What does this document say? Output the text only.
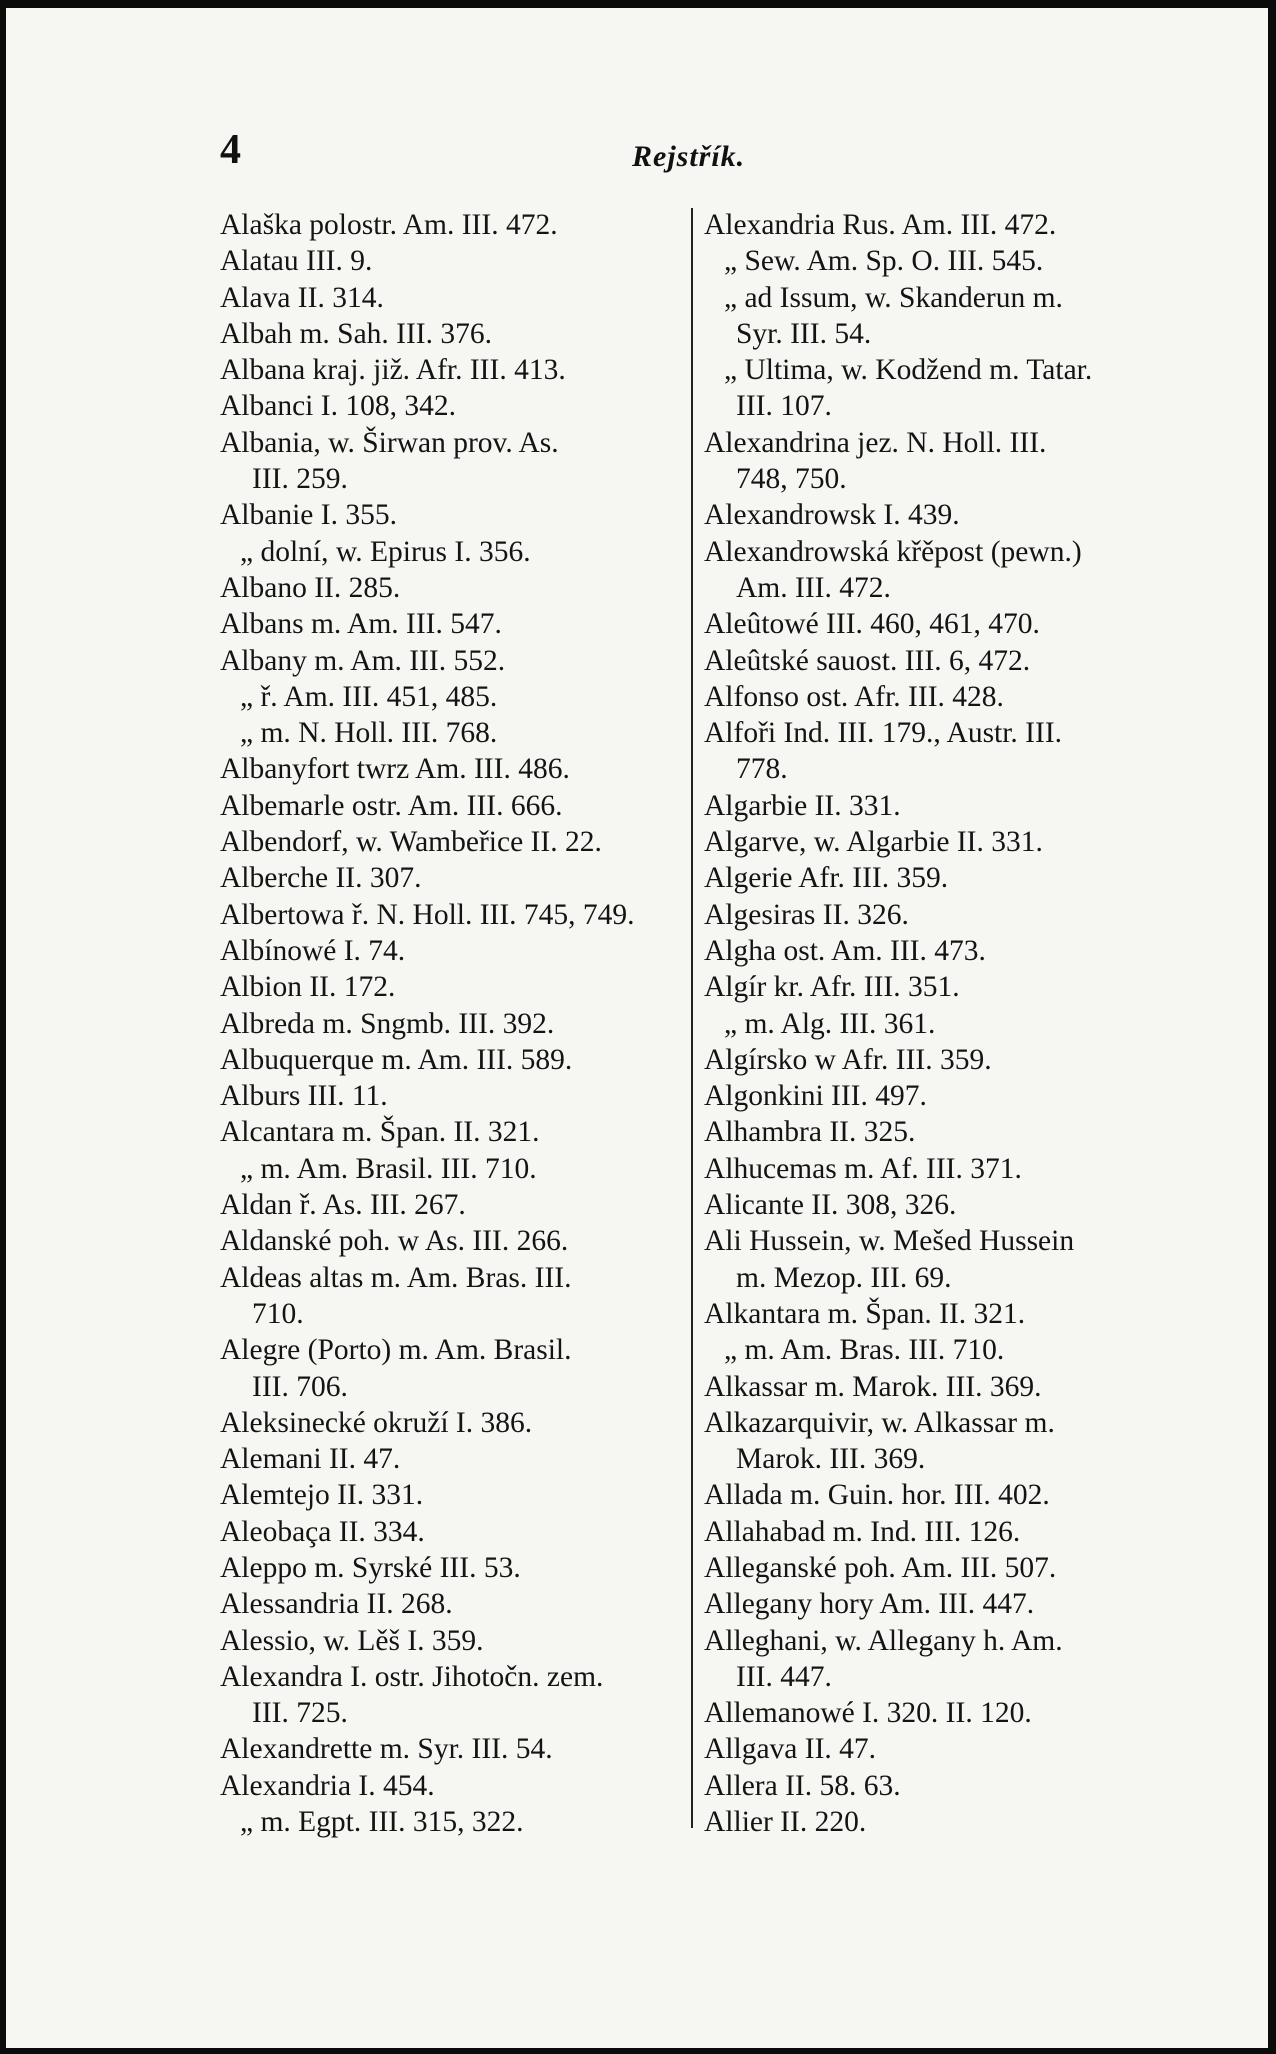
4	Rejstřík.
Alaška polostr. Am. III. 472.
Alatau III. 9.
Alava II. 314.
Albah m. Sah. III. 376.
Albana kraj. již. Afr. III. 413.
Albanci I. 108, 342.
Albania, w. Širwan prov. As.
III. 259.
Albanie I. 355.
„ dolní, w. Epirus I. 356.
Albano II. 285.
Albans m. Am. III. 547.
Albany m. Am. III. 552.
„ ř. Am. III. 451, 485.
„ m. N. Holl. III. 768.
Albanyfort twrz Am. III. 486.
Albemarle ostr. Am. III. 666.
Albendorf, w. Wambeřice II. 22.
Alberche II. 307.
Albertowa ř. N. Holl. III. 745, 749.
Albínowé I. 74.
Albion II. 172.
Albreda m. Sngmb. III. 392.
Albuquerque m. Am. III. 589.
Alburs III. 11.
Alcantara m. Špan. II. 321.
„ m. Am. Brasil. III. 710.
Aldan ř. As. III. 267.
Aldanské poh. w As. III. 266.
Aldeas altas m. Am. Bras. III.
710.
Alegre (Porto) m. Am. Brasil.
III. 706.
Aleksinecké okruží I. 386.
Alemani II. 47.
Alemtejo II. 331.
Aleobaça II. 334.
Aleppo m. Syrské III. 53.
Alessandria II. 268.
Alessio, w. Lěš I. 359.
Alexandra I. ostr. Jihotočn. zem.
III. 725.
Alexandrette m. Syr. III. 54.
Alexandria I. 454.
„ m. Egpt. III. 315, 322.
Alexandria Rus. Am. III. 472.
„ Sew. Am. Sp. O. III. 545.
„ ad Issum, w. Skanderun m.
Syr. III. 54.
„ Ultima, w. Kodžend m. Tatar.
III. 107.
Alexandrina jez. N. Holl. III.
748, 750.
Alexandrowsk I. 439.
Alexandrowská křěpost (pewn.)
Am. III. 472.
Aleûtowé III. 460, 461, 470.
Aleûtské sauost. III. 6, 472.
Alfonso ost. Afr. III. 428.
Alfoři Ind. III. 179., Austr. III.
778.
Algarbie II. 331.
Algarve, w. Algarbie II. 331.
Algerie Afr. III. 359.
Algesiras II. 326.
Algha ost. Am. III. 473.
Algír kr. Afr. III. 351.
„ m. Alg. III. 361.
Algírsko w Afr. III. 359.
Algonkini III. 497.
Alhambra II. 325.
Alhucemas m. Af. III. 371.
Alicante II. 308, 326.
Ali Hussein, w. Mešed Hussein
m. Mezop. III. 69.
Alkantara m. Špan. II. 321.
„ m. Am. Bras. III. 710.
Alkassar m. Marok. III. 369.
Alkazarquivir, w. Alkassar m.
Marok. III. 369.
Allada m. Guin. hor. III. 402.
Allahabad m. Ind. III. 126.
Alleganské poh. Am. III. 507.
Allegany hory Am. III. 447.
Alleghani, w. Allegany h. Am.
III. 447.
Allemanowé I. 320. II. 120.
Allgava II. 47.
Allera II. 58. 63.
Allier II. 220.
